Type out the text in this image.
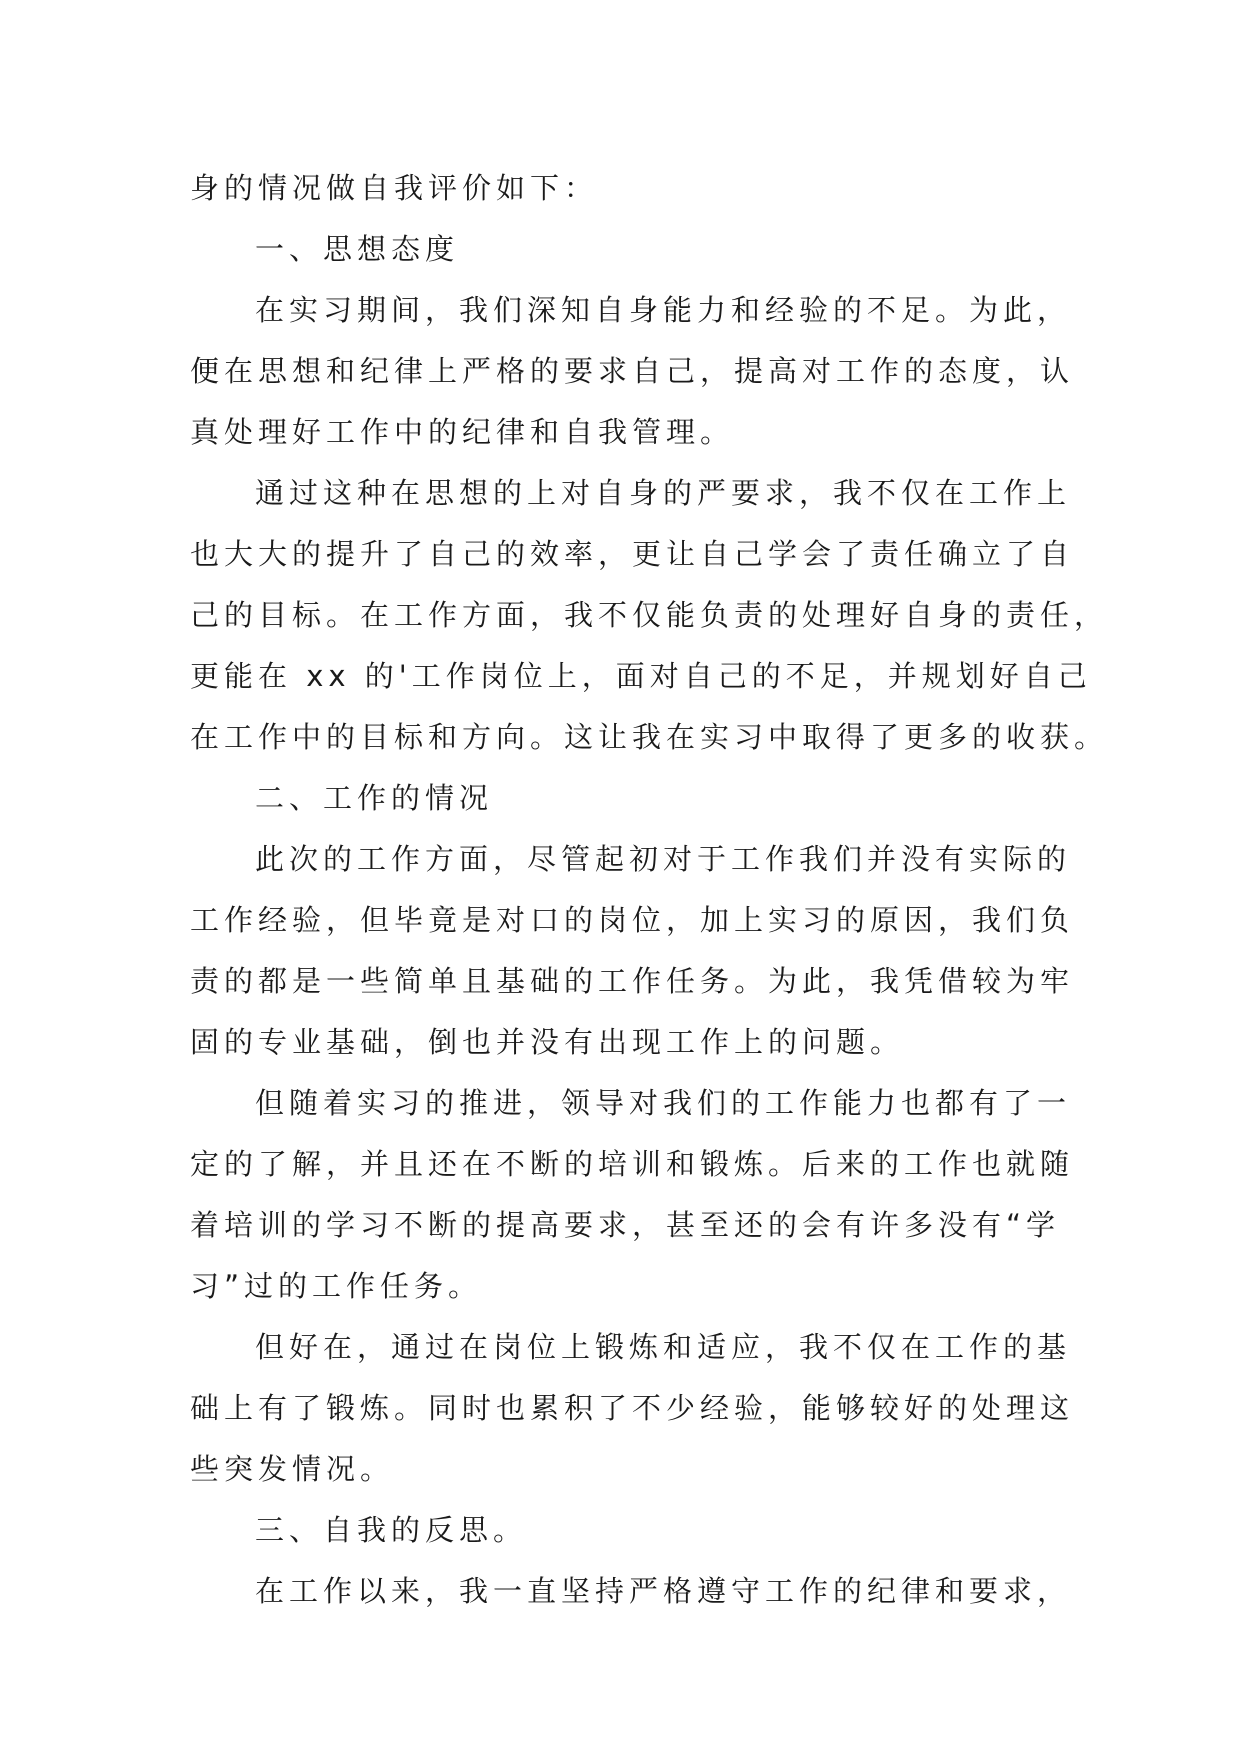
身的情况做自我评价如下：
一、思想态度
在实习期间，我们深知自身能力和经验的不足。为此，
便在思想和纪律上严格的要求自己，提高对工作的态度，认
真处理好工作中的纪律和自我管理。
通过这种在思想的上对自身的严要求，我不仅在工作上
也大大的提升了自己的效率，更让自己学会了责任确立了自
己的目标。在工作方面，我不仅能负责的处理好自身的责任，
更能在 xx 的'工作岗位上，面对自己的不足，并规划好自己
在工作中的目标和方向。这让我在实习中取得了更多的收获。
二、工作的情况
此次的工作方面，尽管起初对于工作我们并没有实际的
工作经验，但毕竟是对口的岗位，加上实习的原因，我们负
责的都是一些简单且基础的工作任务。为此，我凭借较为牢
固的专业基础，倒也并没有出现工作上的问题。
但随着实习的推进，领导对我们的工作能力也都有了一
定的了解，并且还在不断的培训和锻炼。后来的工作也就随
着培训的学习不断的提高要求，甚至还的会有许多没有“学
习”过的工作任务。
但好在，通过在岗位上锻炼和适应，我不仅在工作的基
础上有了锻炼。同时也累积了不少经验，能够较好的处理这
些突发情况。
三、自我的反思。
在工作以来，我一直坚持严格遵守工作的纪律和要求，
